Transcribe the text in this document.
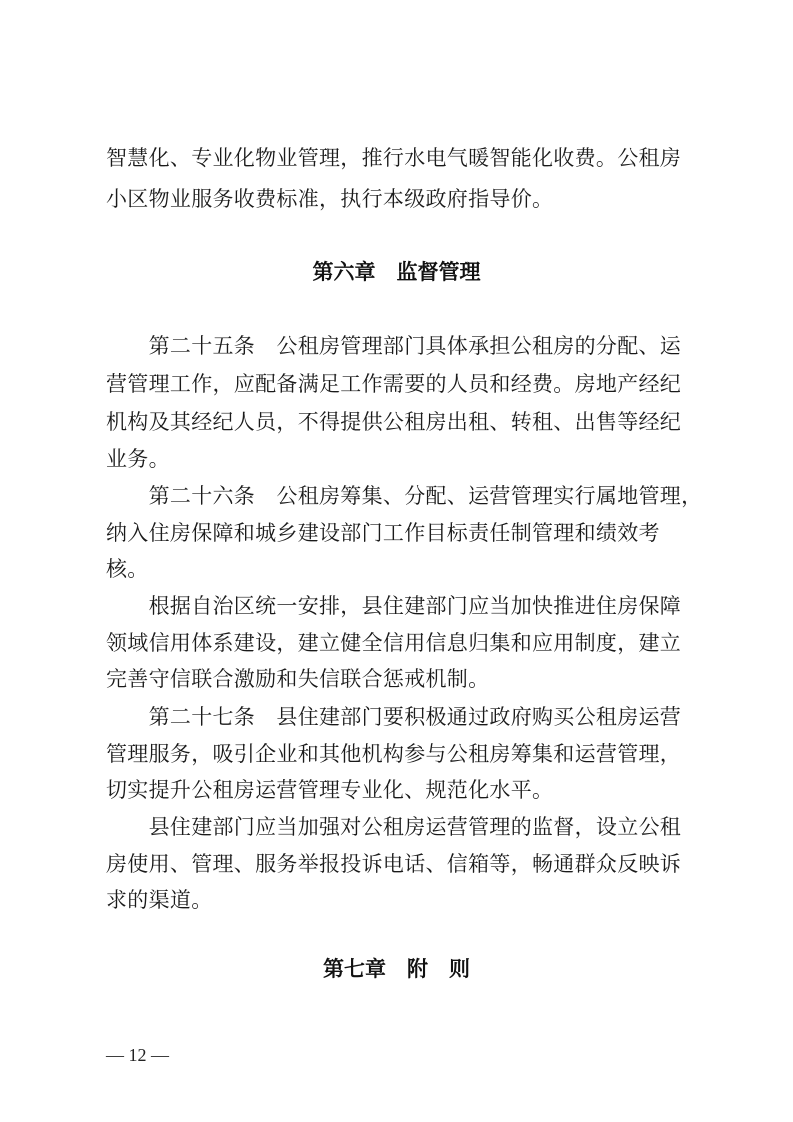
智慧化、专业化物业管理，推行水电气暖智能化收费。公租房
小区物业服务收费标准，执行本级政府指导价。
第六章　监督管理
　　第二十五条　公租房管理部门具体承担公租房的分配、运
营管理工作，应配备满足工作需要的人员和经费。房地产经纪
机构及其经纪人员，不得提供公租房出租、转租、出售等经纪
业务。
　　第二十六条　公租房筹集、分配、运营管理实行属地管理，
纳入住房保障和城乡建设部门工作目标责任制管理和绩效考
核。
　　根据自治区统一安排，县住建部门应当加快推进住房保障
领域信用体系建设，建立健全信用信息归集和应用制度，建立
完善守信联合激励和失信联合惩戒机制。
　　第二十七条　县住建部门要积极通过政府购买公租房运营
管理服务，吸引企业和其他机构参与公租房筹集和运营管理，
切实提升公租房运营管理专业化、规范化水平。
　　县住建部门应当加强对公租房运营管理的监督，设立公租
房使用、管理、服务举报投诉电话、信箱等，畅通群众反映诉
求的渠道。
第七章　附　则
— 12 —
